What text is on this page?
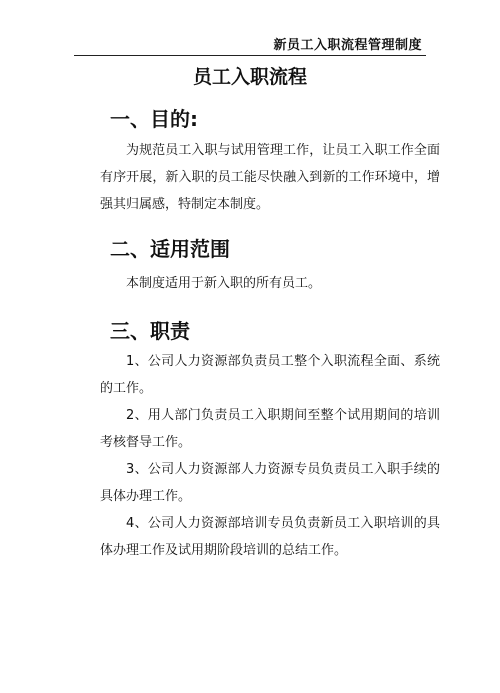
新员工入职流程管理制度
员工入职流程
一、目的:
为规范员工入职与试用管理工作，让员工入职工作全面有序开展，新入职的员工能尽快融入到新的工作环境中，增强其归属感，特制定本制度。
二、适用范围
本制度适用于新入职的所有员工。
三、职责
1、公司人力资源部负责员工整个入职流程全面、系统的工作。
2、用人部门负责员工入职期间至整个试用期间的培训考核督导工作。
3、公司人力资源部人力资源专员负责员工入职手续的具体办理工作。
4、公司人力资源部培训专员负责新员工入职培训的具体办理工作及试用期阶段培训的总结工作。
